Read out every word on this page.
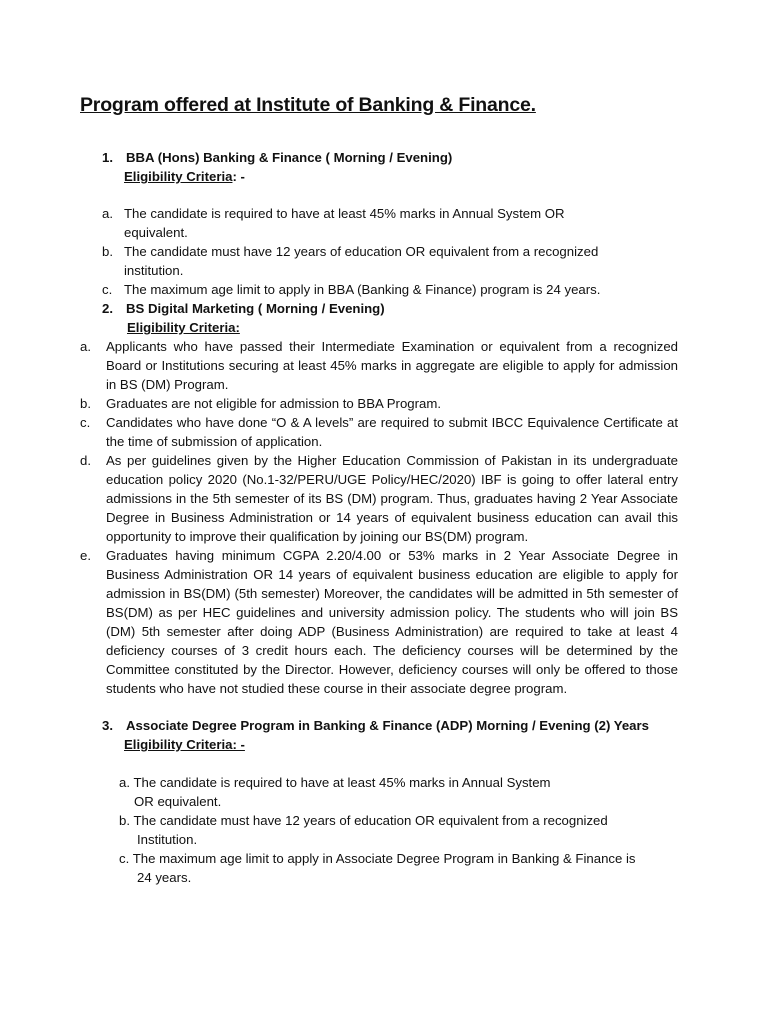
Program offered at Institute of Banking & Finance.
1. BBA (Hons) Banking & Finance ( Morning / Evening)
Eligibility Criteria: -
a. The candidate is required to have at least 45% marks in Annual System OR equivalent.
b. The candidate must have 12 years of education OR equivalent from a recognized institution.
c. The maximum age limit to apply in BBA (Banking & Finance) program is 24 years.
2. BS Digital Marketing ( Morning / Evening)
Eligibility Criteria:
a. Applicants who have passed their Intermediate Examination or equivalent from a recognized Board or Institutions securing at least 45% marks in aggregate are eligible to apply for admission in BS (DM) Program.
b. Graduates are not eligible for admission to BBA Program.
c. Candidates who have done “O & A levels” are required to submit IBCC Equivalence Certificate at the time of submission of application.
d. As per guidelines given by the Higher Education Commission of Pakistan in its undergraduate education policy 2020 (No.1-32/PERU/UGE Policy/HEC/2020) IBF is going to offer lateral entry admissions in the 5th semester of its BS (DM) program. Thus, graduates having 2 Year Associate Degree in Business Administration or 14 years of equivalent business education can avail this opportunity to improve their qualification by joining our BS(DM) program.
e. Graduates having minimum CGPA 2.20/4.00 or 53% marks in 2 Year Associate Degree in Business Administration OR 14 years of equivalent business education are eligible to apply for admission in BS(DM) (5th semester) Moreover, the candidates will be admitted in 5th semester of BS(DM) as per HEC guidelines and university admission policy. The students who will join BS (DM) 5th semester after doing ADP (Business Administration) are required to take at least 4 deficiency courses of 3 credit hours each. The deficiency courses will be determined by the Committee constituted by the Director. However, deficiency courses will only be offered to those students who have not studied these course in their associate degree program.
3. Associate Degree Program in Banking & Finance (ADP) Morning / Evening (2) Years
Eligibility Criteria: -
a. The candidate is required to have at least 45% marks in Annual System
OR equivalent.
b. The candidate must have 12 years of education OR equivalent from a recognized
Institution.
c. The maximum age limit to apply in Associate Degree Program in Banking & Finance is
24 years.
